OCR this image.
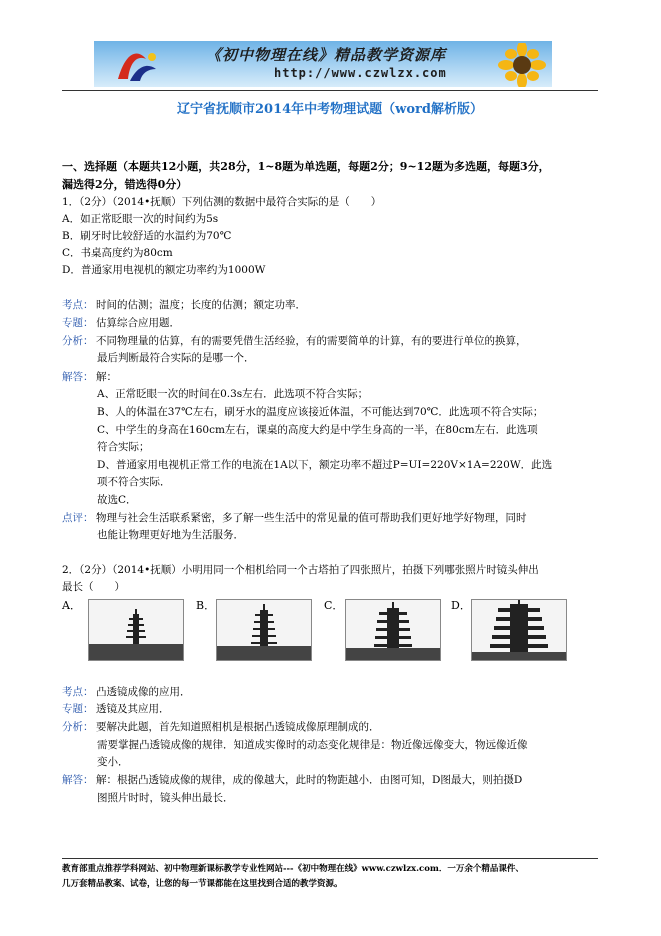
《初中物理在线》精品教学资源库
http://www.czwlzx.com
辽宁省抚顺市2014年中考物理试题（word解析版）
一、选择题（本题共12小题，共28分，1~8题为单选题，每题2分；9~12题为多选题，每题3分，
漏选得2分，错选得0分）
1．（2分）（2014•抚顺）下列估测的数据中最符合实际的是（　　）
A．如正常眨眼一次的时间约为5s
B．刷牙时比较舒适的水温约为70℃
C．书桌高度约为80cm
D．普通家用电视机的额定功率约为1000W
考点： 时间的估测；温度；长度的估测；额定功率．
专题： 估算综合应用题．
分析： 不同物理量的估算，有的需要凭借生活经验，有的需要简单的计算，有的要进行单位的换算，
最后判断最符合实际的是哪一个．
解答： 解：
A、正常眨眼一次的时间在0.3s左右．此选项不符合实际；
B、人的体温在37℃左右，刷牙水的温度应该接近体温，不可能达到70℃．此选项不符合实际；
C、中学生的身高在160cm左右，课桌的高度大约是中学生身高的一半，在80cm左右．此选项
符合实际；
D、普通家用电视机正常工作的电流在1A以下，额定功率不超过P=UI=220V×1A=220W．此选
项不符合实际．
故选C．
点评： 物理与社会生活联系紧密，多了解一些生活中的常见量的值可帮助我们更好地学好物理，同时
也能让物理更好地为生活服务．
2．（2分）（2014•抚顺）小明用同一个相机给同一个古塔拍了四张照片，拍摄下列哪张照片时镜头伸出
最长（　　）
A．	B．	C．	D．
考点： 凸透镜成像的应用．
专题： 透镜及其应用．
分析： 要解决此题，首先知道照相机是根据凸透镜成像原理制成的．
需要掌握凸透镜成像的规律．知道成实像时的动态变化规律是：物近像远像变大，物远像近像
变小．
解答： 解：根据凸透镜成像的规律，成的像越大，此时的物距越小．由图可知，D图最大，则拍摄D
图照片时时，镜头伸出最长．
教育部重点推荐学科网站、初中物理新课标教学专业性网站---《初中物理在线》www.czwlzx.com．一万余个精品课件、
几万套精品教案、试卷，让您的每一节课都能在这里找到合适的教学资源。
